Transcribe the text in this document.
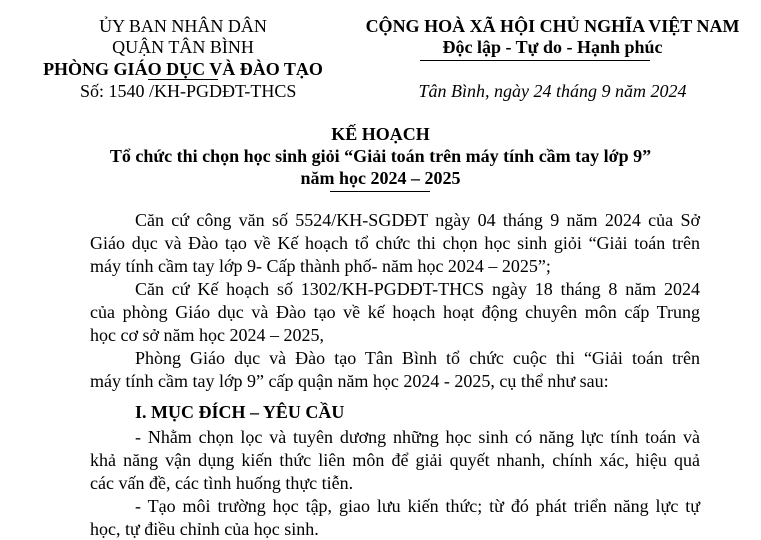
ỦY BAN NHÂN DÂN
QUẬN TÂN BÌNH
PHÒNG GIÁO DỤC VÀ ĐÀO TẠO
Số: 1540 /KH-PGDĐT-THCS
CỘNG HOÀ XÃ HỘI CHỦ NGHĨA VIỆT NAM
Độc lập - Tự do - Hạnh phúc
Tân Bình, ngày 24 tháng 9 năm 2024
KẾ HOẠCH
Tổ chức thi chọn học sinh giỏi “Giải toán trên máy tính cầm tay lớp 9”
năm học 2024 – 2025
Căn cứ công văn số 5524/KH-SGDĐT ngày 04 tháng 9 năm 2024 của Sở
Giáo dục và Đào tạo về Kế hoạch tổ chức thi chọn học sinh giỏi “Giải toán trên
máy tính cầm tay lớp 9- Cấp thành phố- năm học 2024 – 2025”;
Căn cứ Kế hoạch số 1302/KH-PGDĐT-THCS ngày 18 tháng 8 năm 2024
của phòng Giáo dục và Đào tạo về kế hoạch hoạt động chuyên môn cấp Trung
học cơ sở năm học 2024 – 2025,
Phòng Giáo dục và Đào tạo Tân Bình tổ chức cuộc thi “Giải toán trên
máy tính cầm tay lớp 9” cấp quận năm học 2024 - 2025, cụ thể như sau:
I. MỤC ĐÍCH – YÊU CẦU
- Nhằm chọn lọc và tuyên dương những học sinh có năng lực tính toán và
khả năng vận dụng kiến thức liên môn để giải quyết nhanh, chính xác, hiệu quả
các vấn đề, các tình huống thực tiễn.
- Tạo môi trường học tập, giao lưu kiến thức; từ đó phát triển năng lực tự
học, tự điều chỉnh của học sinh.
